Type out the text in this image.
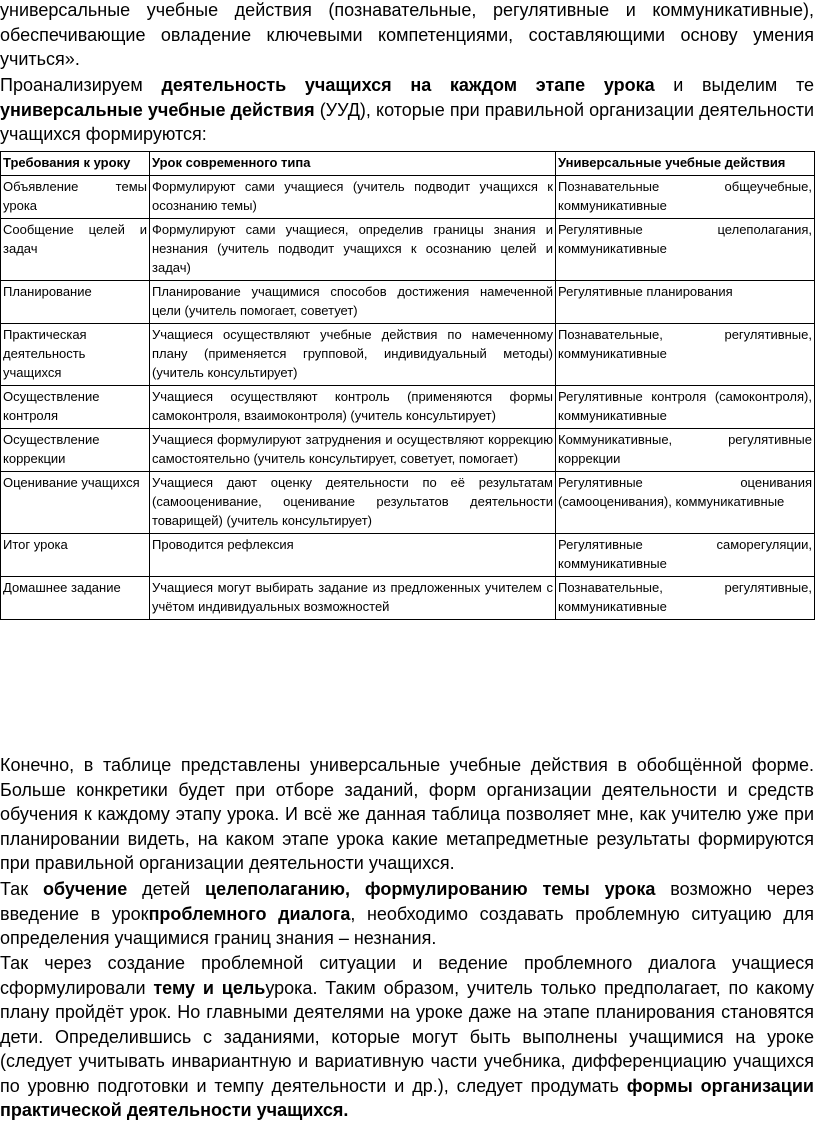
универсальные учебные действия (познавательные, регулятивные и коммуникативные), обеспечивающие овладение ключевыми компетенциями, составляющими основу умения учиться».

Проанализируем деятельность учащихся на каждом этапе урока и выделим те универсальные учебные действия (УУД), которые при правильной организации деятельности учащихся формируются:

Требования к уроку	Урок современного типа	Универсальные учебные действия
Объявление темы урока	Формулируют сами учащиеся (учитель подводит учащихся к осознанию темы)	Познавательные общеучебные, коммуникативные
Сообщение целей и задач	Формулируют сами учащиеся, определив границы знания и незнания (учитель подводит учащихся к осознанию целей и задач)	Регулятивные целеполагания, коммуникативные
Планирование	Планирование учащимися способов достижения намеченной цели (учитель помогает, советует)	Регулятивные планирования
Практическая деятельность учащихся	Учащиеся осуществляют учебные действия по намеченному плану (применяется групповой, индивидуальный методы) (учитель консультирует)	Познавательные, регулятивные, коммуникативные
Осуществление контроля	Учащиеся осуществляют контроль (применяются формы самоконтроля, взаимоконтроля) (учитель консультирует)	Регулятивные контроля (самоконтроля), коммуникативные
Осуществление коррекции	Учащиеся формулируют затруднения и осуществляют коррекцию самостоятельно (учитель консультирует, советует, помогает)	Коммуникативные, регулятивные коррекции
Оценивание учащихся	Учащиеся дают оценку деятельности по её результатам (самооценивание, оценивание результатов деятельности товарищей) (учитель консультирует)	Регулятивные оценивания (самооценивания), коммуникативные
Итог урока	Проводится рефлексия	Регулятивные саморегуляции, коммуникативные
Домашнее задание	Учащиеся могут выбирать задание из предложенных учителем с учётом индивидуальных возможностей	Познавательные, регулятивные, коммуникативные

Конечно, в таблице представлены универсальные учебные действия в обобщённой форме. Больше конкретики будет при отборе заданий, форм организации деятельности и средств обучения к каждому этапу урока. И всё же данная таблица позволяет мне, как учителю уже при планировании видеть, на каком этапе урока какие метапредметные результаты формируются при правильной организации деятельности учащихся.

Так обучение детей целеполаганию, формулированию темы урока возможно через введение в урокпроблемного диалога, необходимо создавать проблемную ситуацию для определения учащимися границ знания – незнания.

Так через создание проблемной ситуации и ведение проблемного диалога учащиеся сформулировали тему и цельурока. Таким образом, учитель только предполагает, по какому плану пройдёт урок. Но главными деятелями на уроке даже на этапе планирования становятся дети. Определившись с заданиями, которые могут быть выполнены учащимися на уроке (следует учитывать инвариантную и вариативную части учебника, дифференциацию учащихся по уровню подготовки и темпу деятельности и др.), следует продумать формы организации практической деятельности учащихся.
